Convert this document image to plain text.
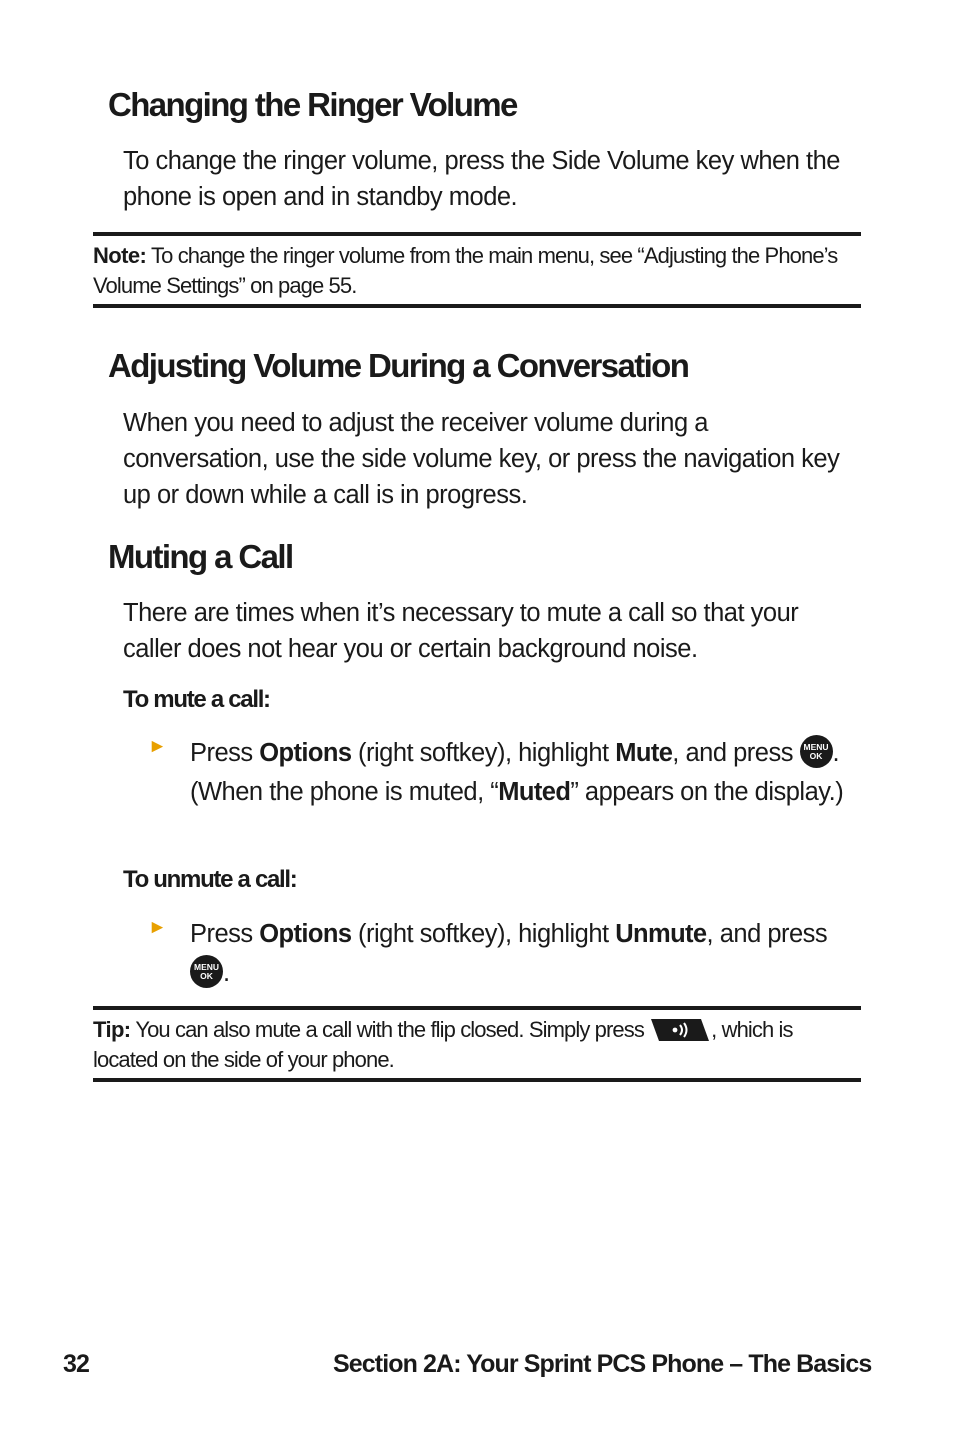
Changing the Ringer Volume

To change the ringer volume, press the Side Volume key when the phone is open and in standby mode.

Note: To change the ringer volume from the main menu, see “Adjusting the Phone’s Volume Settings” on page 55.

Adjusting Volume During a Conversation

When you need to adjust the receiver volume during a conversation, use the side volume key, or press the navigation key up or down while a call is in progress.

Muting a Call

There are times when it’s necessary to mute a call so that your caller does not hear you or certain background noise.

To mute a call:

► Press Options (right softkey), highlight Mute, and press MENU
OK . (When the phone is muted, “Muted” appears on the display.)

To unmute a call:

► Press Options (right softkey), highlight Unmute, and press
MENU
OK .

Tip: You can also mute a call with the flip closed. Simply press	, which is located on the side of your phone.

32	Section 2A: Your Sprint PCS Phone – The Basics
